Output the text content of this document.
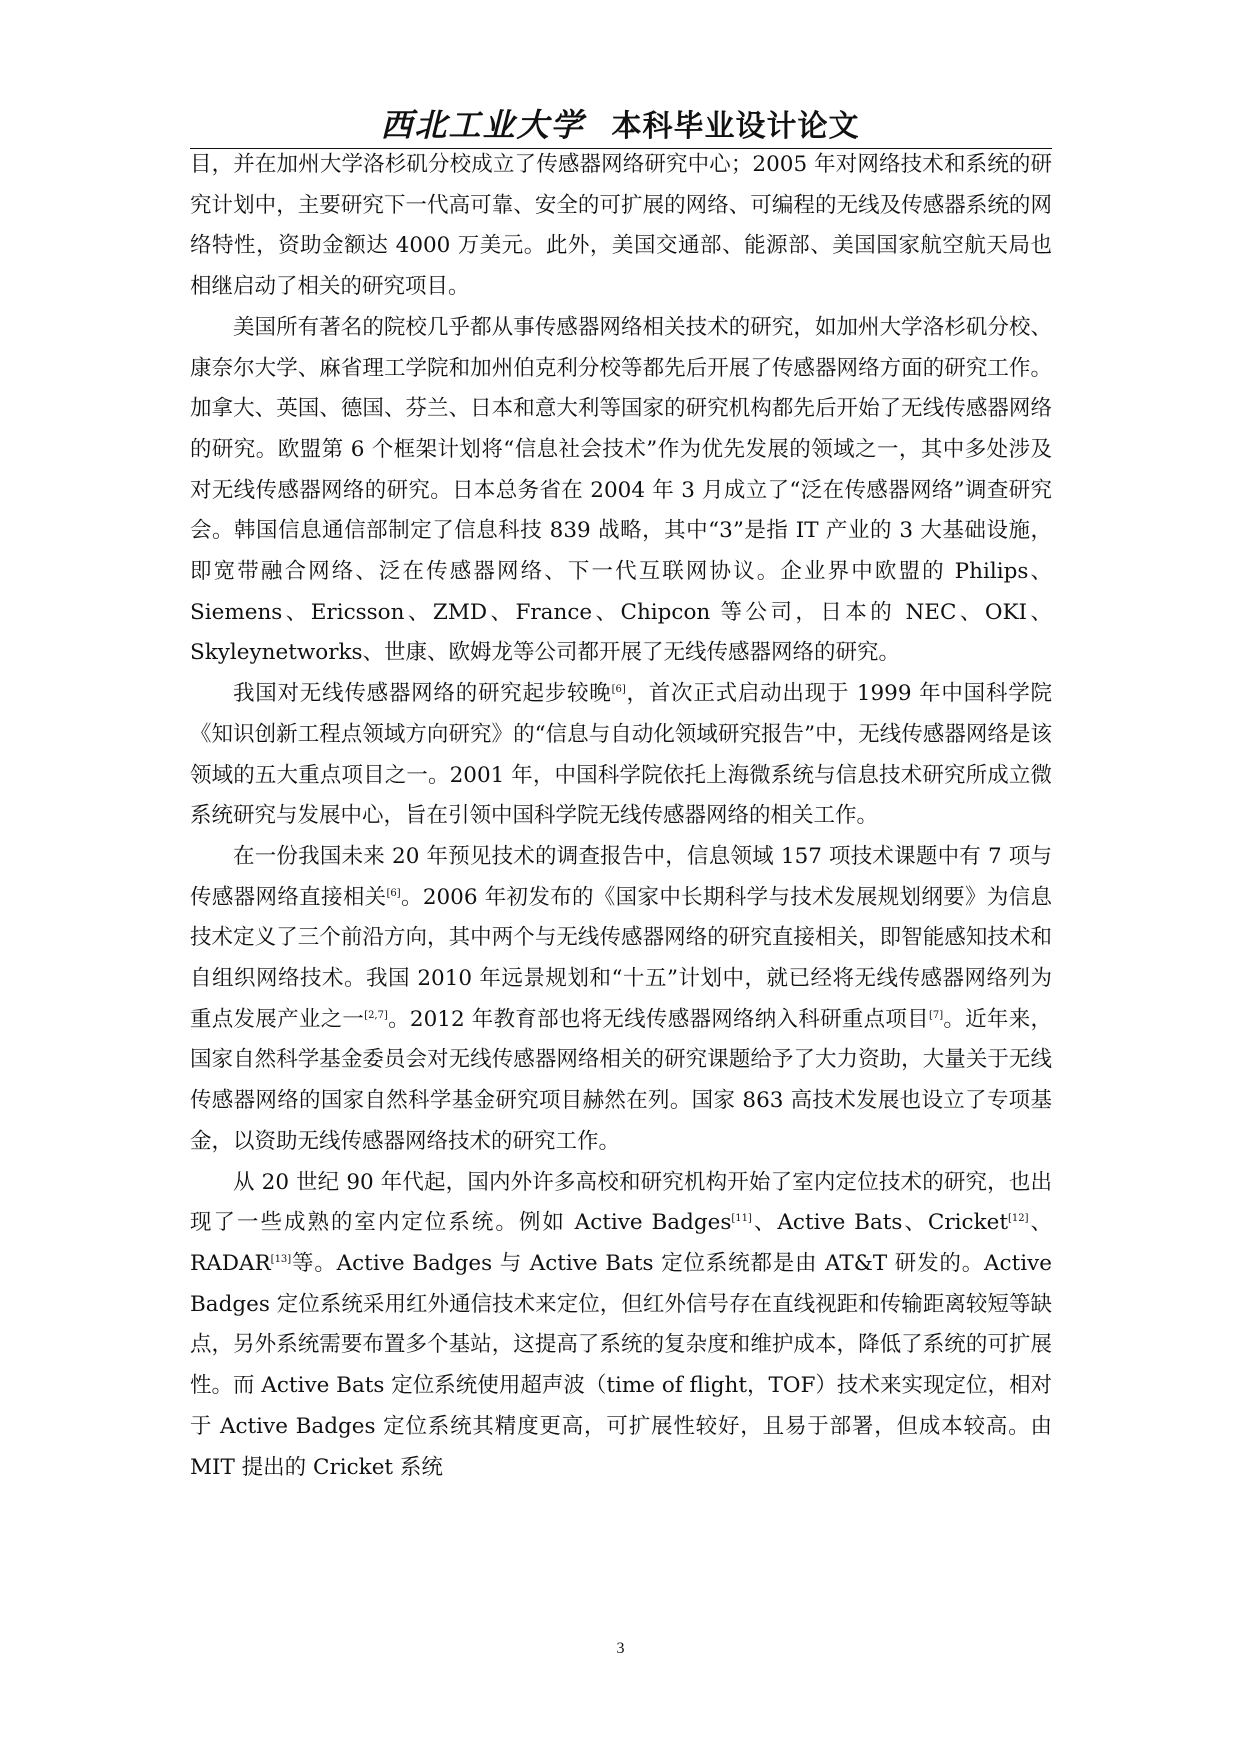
西北工业大学 本科毕业设计论文

目，并在加州大学洛杉矶分校成立了传感器网络研究中心；2005 年对网络技术和系统的研究计划中，主要研究下一代高可靠、安全的可扩展的网络、可编程的无线及传感器系统的网络特性，资助金额达 4000 万美元。此外，美国交通部、能源部、美国国家航空航天局也相继启动了相关的研究项目。

美国所有著名的院校几乎都从事传感器网络相关技术的研究，如加州大学洛杉矶分校、康奈尔大学、麻省理工学院和加州伯克利分校等都先后开展了传感器网络方面的研究工作。加拿大、英国、德国、芬兰、日本和意大利等国家的研究机构都先后开始了无线传感器网络的研究。欧盟第 6 个框架计划将“信息社会技术”作为优先发展的领域之一，其中多处涉及对无线传感器网络的研究。日本总务省在 2004 年 3 月成立了“泛在传感器网络”调查研究会。韩国信息通信部制定了信息科技 839 战略，其中“3”是指 IT 产业的 3 大基础设施，即宽带融合网络、泛在传感器网络、下一代互联网协议。企业界中欧盟的 Philips、Siemens、Ericsson、ZMD、France、Chipcon 等公司，日本的 NEC、OKI、Skyleynetworks、世康、欧姆龙等公司都开展了无线传感器网络的研究。

我国对无线传感器网络的研究起步较晚[6]，首次正式启动出现于 1999 年中国科学院《知识创新工程点领域方向研究》的“信息与自动化领域研究报告”中，无线传感器网络是该领域的五大重点项目之一。2001 年，中国科学院依托上海微系统与信息技术研究所成立微系统研究与发展中心，旨在引领中国科学院无线传感器网络的相关工作。

在一份我国未来 20 年预见技术的调查报告中，信息领域 157 项技术课题中有 7 项与传感器网络直接相关[6]。2006 年初发布的《国家中长期科学与技术发展规划纲要》为信息技术定义了三个前沿方向，其中两个与无线传感器网络的研究直接相关，即智能感知技术和自组织网络技术。我国 2010 年远景规划和“十五”计划中，就已经将无线传感器网络列为重点发展产业之一[2,7]。2012 年教育部也将无线传感器网络纳入科研重点项目[7]。近年来，国家自然科学基金委员会对无线传感器网络相关的研究课题给予了大力资助，大量关于无线传感器网络的国家自然科学基金研究项目赫然在列。国家 863 高技术发展也设立了专项基金，以资助无线传感器网络技术的研究工作。

从 20 世纪 90 年代起，国内外许多高校和研究机构开始了室内定位技术的研究，也出现了一些成熟的室内定位系统。例如 Active Badges[11]、Active Bats、Cricket[12]、RADAR[13]等。Active Badges 与 Active Bats 定位系统都是由 AT&T 研发的。Active Badges 定位系统采用红外通信技术来定位，但红外信号存在直线视距和传输距离较短等缺点，另外系统需要布置多个基站，这提高了系统的复杂度和维护成本，降低了系统的可扩展性。而 Active Bats 定位系统使用超声波（time of flight，TOF）技术来实现定位，相对于 Active Badges 定位系统其精度更高，可扩展性较好，且易于部署，但成本较高。由 MIT 提出的 Cricket 系统

3
